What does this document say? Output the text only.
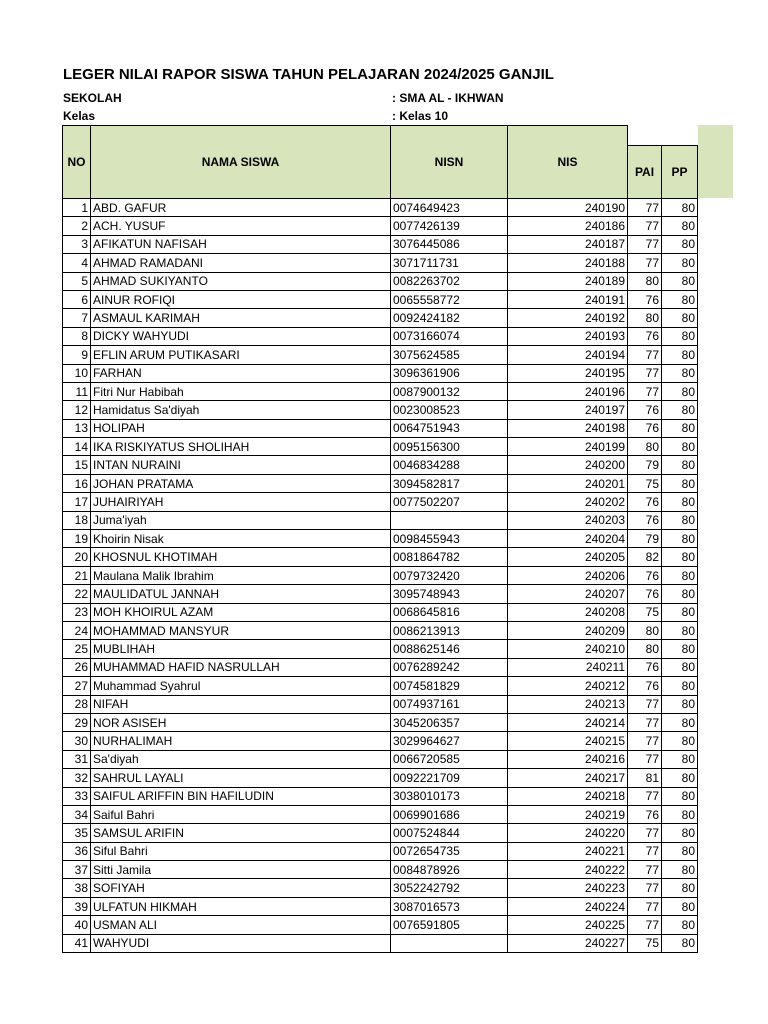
LEGER NILAI RAPOR SISWA TAHUN PELAJARAN 2024/2025 GANJIL
SEKOLAH	: SMA AL - IKHWAN
Kelas	: Kelas 10
NO	NAMA SISWA	NISN	NIS		
				PAI	PP
1	ABD. GAFUR	0074649423	240190	77	80
2	ACH. YUSUF	0077426139	240186	77	80
3	AFIKATUN NAFISAH	3076445086	240187	77	80
4	AHMAD RAMADANI	3071711731	240188	77	80
5	AHMAD SUKIYANTO	0082263702	240189	80	80
6	AINUR ROFIQI	0065558772	240191	76	80
7	ASMAUL KARIMAH	0092424182	240192	80	80
8	DICKY WAHYUDI	0073166074	240193	76	80
9	EFLIN ARUM PUTIKASARI	3075624585	240194	77	80
10	FARHAN	3096361906	240195	77	80
11	Fitri Nur Habibah	0087900132	240196	77	80
12	Hamidatus Sa'diyah	0023008523	240197	76	80
13	HOLIPAH	0064751943	240198	76	80
14	IKA RISKIYATUS SHOLIHAH	0095156300	240199	80	80
15	INTAN NURAINI	0046834288	240200	79	80
16	JOHAN PRATAMA	3094582817	240201	75	80
17	JUHAIRIYAH	0077502207	240202	76	80
18	Juma'iyah		240203	76	80
19	Khoirin Nisak	0098455943	240204	79	80
20	KHOSNUL KHOTIMAH	0081864782	240205	82	80
21	Maulana Malik Ibrahim	0079732420	240206	76	80
22	MAULIDATUL JANNAH	3095748943	240207	76	80
23	MOH KHOIRUL AZAM	0068645816	240208	75	80
24	MOHAMMAD MANSYUR	0086213913	240209	80	80
25	MUBLIHAH	0088625146	240210	80	80
26	MUHAMMAD HAFID NASRULLAH	0076289242	240211	76	80
27	Muhammad Syahrul	0074581829	240212	76	80
28	NIFAH	0074937161	240213	77	80
29	NOR ASISEH	3045206357	240214	77	80
30	NURHALIMAH	3029964627	240215	77	80
31	Sa'diyah	0066720585	240216	77	80
32	SAHRUL LAYALI	0092221709	240217	81	80
33	SAIFUL ARIFFIN BIN HAFILUDIN	3038010173	240218	77	80
34	Saiful Bahri	0069901686	240219	76	80
35	SAMSUL ARIFIN	0007524844	240220	77	80
36	Siful Bahri	0072654735	240221	77	80
37	Sitti Jamila	0084878926	240222	77	80
38	SOFIYAH	3052242792	240223	77	80
39	ULFATUN HIKMAH	3087016573	240224	77	80
40	USMAN ALI	0076591805	240225	77	80
41	WAHYUDI		240227	75	80
